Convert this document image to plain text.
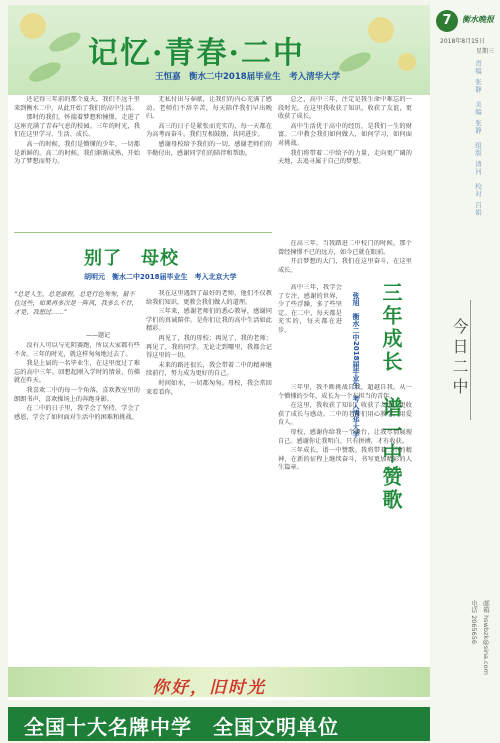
记忆·青春·二中
王恒嘉　衡水二中2018届毕业生　考入清华大学

还记得三年前的那个夏天，我们不远千里来到衡水二中，从此开始了我们的高中生活。

那时的我们，怀揣着梦想和憧憬，走进了这座充满了青春气息的校园。三年的时光，我们在这里学习、生活、成长。

高一的时候，我们是懵懂的少年，一切都是新鲜的。高二的时候，我们渐渐成熟，开始为了梦想而努力。

无私付出与奉献，让我们的内心充满了感动。老师们不辞辛苦，每天陪伴我们早出晚归。

高三的日子是紧张而充实的，每一天都在为高考而奋斗。我们互相鼓励，共同进步。

感谢母校给予我们的一切，感谢老师们的辛勤付出，感谢同学们的陪伴和帮助。

总之，高中三年，注定是我生命中难忘的一段时光。在这里我收获了知识，收获了友谊，更收获了成长。

高中生活优于高中的经历，是我们一生的财富。二中教会我们如何做人，如何学习，如何面对挑战。

我们将带着二中给予的力量，走向更广阔的天地，去追寻属于自己的梦想。

别了　母校
胡明元　衡水二中2018届毕业生　考入北京大学
“总是人生，总是旅程，总是行色匆匆，留不住这些，如果再多次是一阵风，我多么不甘，才是，我想过……”
——题记

没有人可以与光阴赛跑，所以大家都有些不舍。三年的时光，就这样匆匆地过去了。

我是上届的一名毕业生，在这里度过了难忘的高中三年。回想起刚入学时的情景，仿佛就在昨天。

我喜欢二中的每一个角落，喜欢教室里的朗朗书声，喜欢操场上的奔跑身影。

在二中的日子里，我学会了坚持，学会了感恩，学会了如何面对生活中的困难和挑战。

我在这里遇到了最好的老师，他们不仅教给我们知识，更教会我们做人的道理。

三年来，感谢老师们的悉心教导，感谢同学们的真诚陪伴。是你们让我的高中生活如此精彩。

再见了，我的母校；再见了，我的老师；再见了，我的同学。无论走到哪里，我都会记得这里的一切。

未来的路还很长，我会带着二中的精神继续前行，努力成为更好的自己。

时间如水，一切都匆匆。母校，我会常回来看看你。

在高三年，当我踏进二中校门的时候，那个曾经憧憬不已的远方，如今已就在眼前。

开启梦想的大门，我们在这里奋斗，在这里成长。

高中三年，我学会了专注，感谢的世界，少了些浮躁，多了些坚定。在二中，每天都是充实的，每天都在进步。	张旭　衡水二中2018届毕业生　考入清华大学 三年成长　谱一中赞歌

三年里，我不断挑战自我，超越自我。从一个懵懂的少年，成长为一个有担当的青年。

在这里，我收获了知识，收获了友谊，更收获了成长与感动。二中的老师们用心教学，用爱育人。

母校，感谢你给我一个舞台，让我尽情展现自己。感谢你让我明白，只有拼搏，才有收获。

三年成长，谱一中赞歌。我将带着二中的精神，在新的征程上继续奋斗，书写更加精彩的人生篇章。

你好，旧时光
全国十大名牌中学　全国文明单位
7	衡水晚报
2018年8月15日
星期三
责编 张静
美编 张静
组版 清河
校对 吕娟
今日二中
电话 2065656 邮箱 hswbzk@sina.com
